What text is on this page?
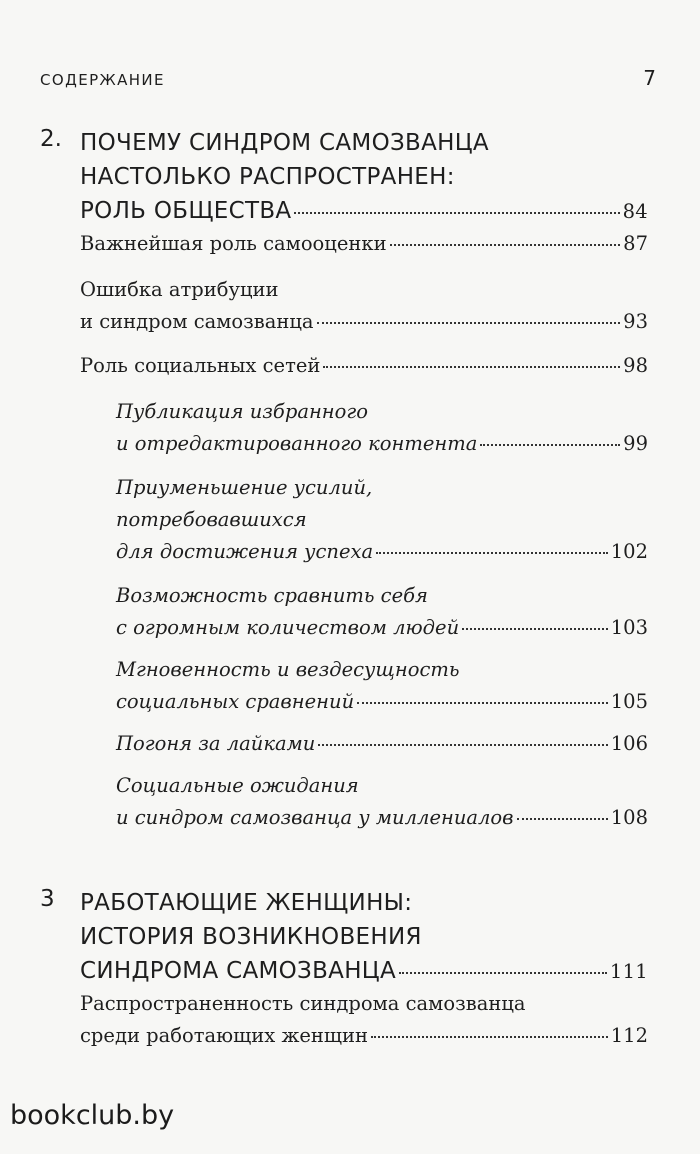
СОДЕРЖАНИЕ	7
2. ПОЧЕМУ СИНДРОМ САМОЗВАНЦА
НАСТОЛЬКО РАСПРОСТРАНЕН:
РОЛЬ ОБЩЕСТВА	84
Важнейшая роль самооценки	87
Ошибка атрибуции
и синдром самозванца	93
Роль социальных сетей	98
Публикация избранного
и отредактированного контента	99
Приуменьшение усилий,
потребовавшихся
для достижения успеха	102
Возможность сравнить себя
с огромным количеством людей	103
Мгновенность и вездесущность
социальных сравнений	105
Погоня за лайками	106
Социальные ожидания
и синдром самозванца у миллениалов	108
3 РАБОТАЮЩИЕ ЖЕНЩИНЫ:
ИСТОРИЯ ВОЗНИКНОВЕНИЯ
СИНДРОМА САМОЗВАНЦА	111
Распространенность синдрома самозванца
среди работающих женщин	112
bookclub.by
